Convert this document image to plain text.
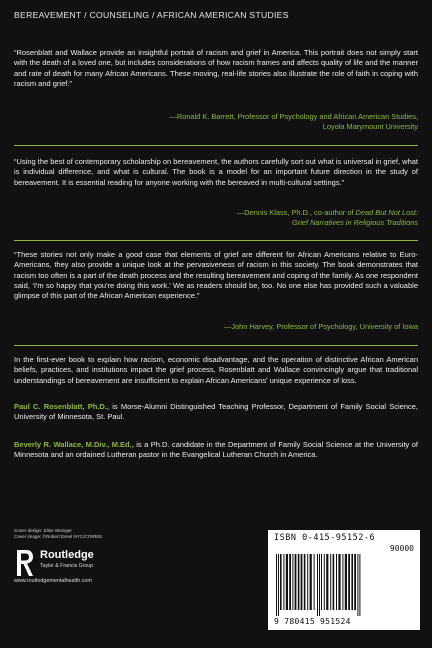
BEREAVEMENT / COUNSELING / AFRICAN AMERICAN STUDIES
“Rosenblatt and Wallace provide an insightful portrait of racism and grief in America. This portrait does not simply start with the death of a loved one, but includes considerations of how racism frames and affects quality of life and the manner and rate of death for many African Americans. These moving, real-life stories also illustrate the role of faith in coping with racism and grief.”
—Ronald K. Barrett, Professor of Psychology and African American Studies,
Loyola Marymount University
“Using the best of contemporary scholarship on bereavement, the authors carefully sort out what is universal in grief, what is individual difference, and what is cultural. The book is a model for an important future direction in the study of bereavement. It is essential reading for anyone working with the bereaved in multi-cultural settings.”
—Dennis Klass, Ph.D., co-author of Dead But Not Lost:
Grief Narratives in Religious Traditions
“These stories not only make a good case that elements of grief are different for African Americans relative to Euro-Americans, they also provide a unique look at the pervasiveness of racism in this society. The book demonstrates that racism too often is a part of the death process and the resulting bereavement and coping of the family. As one respondent said, ‘I'm so happy that you're doing this work.’ We as readers should be, too. No one else has provided such a valuable glimpse of this part of the African American experience.”
—John Harvey, Professor of Psychology, University of Iowa
In the first-ever book to explain how racism, economic disadvantage, and the operation of distinctive African American beliefs, practices, and institutions impact the grief process, Rosenblatt and Wallace convincingly argue that traditional understandings of bereavement are insufficient to explain African Americans' unique experience of loss.
Paul C. Rosenblatt, Ph.D., is Morse-Alumni Distinguished Teaching Professor, Department of Family Social Science, University of Minnesota, St. Paul.
Beverly R. Wallace, M.Div., M.Ed., is a Ph.D. candidate in the Department of Family Social Science at the University of Minnesota and an ordained Lutheran pastor in the Evangelical Lutheran Church in America.
Cover design: Elise Weinger
Cover image: ©Robert Essel NYC/CORBIS
Routledge
Taylor & Francis Group
www.routledgementalhealth.com
ISBN 0-415-95152-6
90000
9 780415 951524
